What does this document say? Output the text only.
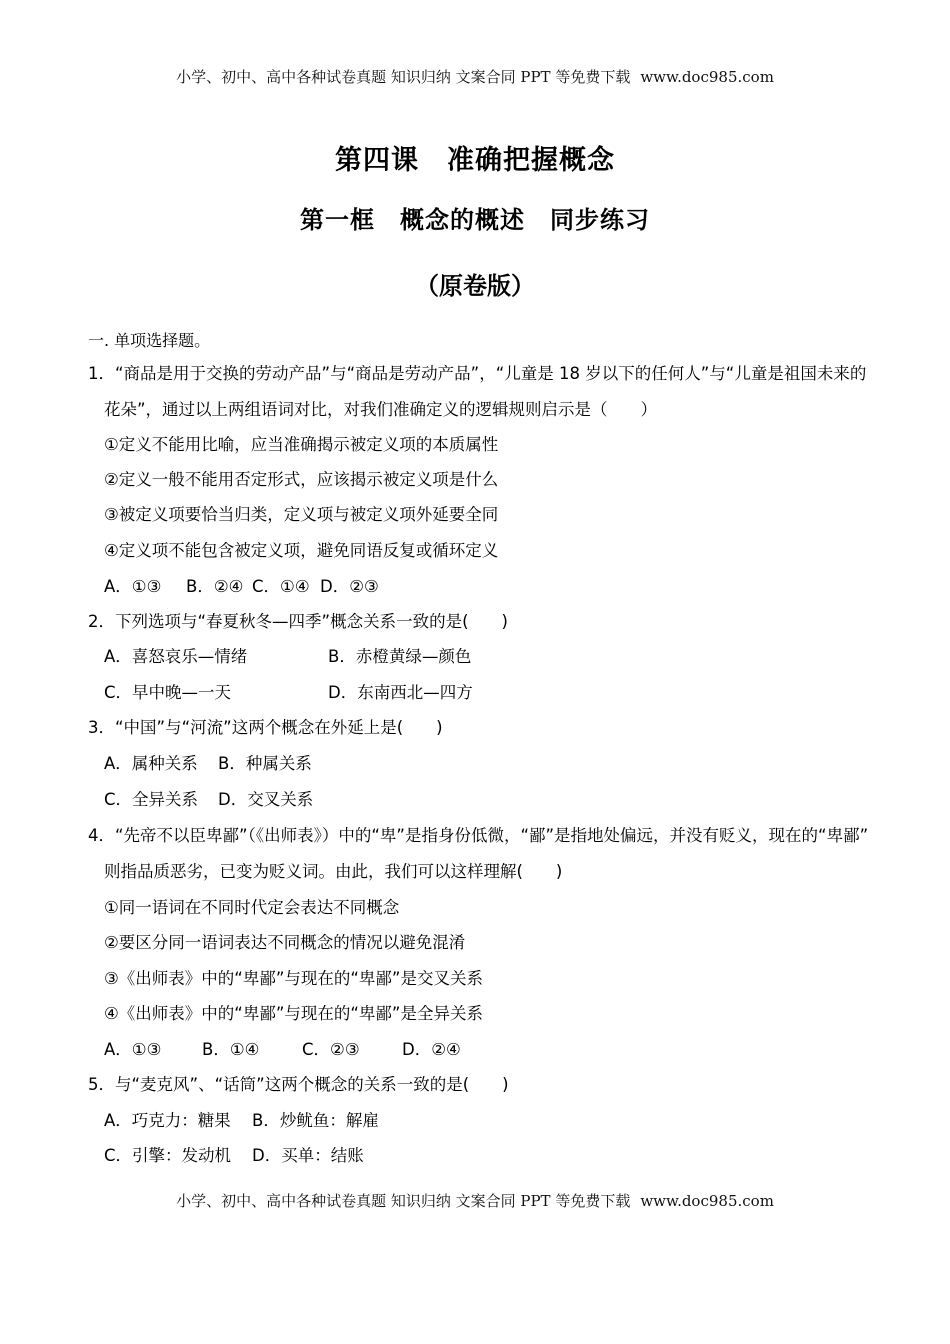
小学、初中、高中各种试卷真题 知识归纳 文案合同 PPT 等免费下载 www.doc985.com
第四课　准确把握概念
第一框　概念的概述　同步练习
（原卷版）
一. 单项选择题。
1．“商品是用于交换的劳动产品”与“商品是劳动产品”，“儿童是 18 岁以下的任何人”与“儿童是祖国未来的
花朵”，通过以上两组语词对比，对我们准确定义的逻辑规则启示是（　　）
①定义不能用比喻，应当准确揭示被定义项的本质属性
②定义一般不能用否定形式，应该揭示被定义项是什么
③被定义项要恰当归类，定义项与被定义项外延要全同
④定义项不能包含被定义项，避免同语反复或循环定义
A．①③ B．②④ C．①④ D．②③
2．下列选项与“春夏秋冬—四季”概念关系一致的是(　　)
A．喜怒哀乐—情绪	B．赤橙黄绿—颜色
C．早中晚—一天	D．东南西北—四方
3．“中国”与“河流”这两个概念在外延上是(　　)
A．属种关系 B．种属关系
C．全异关系 D．交叉关系
4．“先帝不以臣卑鄙”（《出师表》）中的“卑”是指身份低微，“鄙”是指地处偏远，并没有贬义，现在的“卑鄙”
则指品质恶劣，已变为贬义词。由此，我们可以这样理解(　　)
①同一语词在不同时代定会表达不同概念
②要区分同一语词表达不同概念的情况以避免混淆
③《出师表》中的“卑鄙”与现在的“卑鄙”是交叉关系
④《出师表》中的“卑鄙”与现在的“卑鄙”是全异关系
A．①③ B．①④	C．②③	D．②④
5．与“麦克风”、“话筒”这两个概念的关系一致的是(　　)
A．巧克力：糖果 B．炒鱿鱼：解雇
C．引擎：发动机 D．买单：结账
小学、初中、高中各种试卷真题 知识归纳 文案合同 PPT 等免费下载 www.doc985.com
